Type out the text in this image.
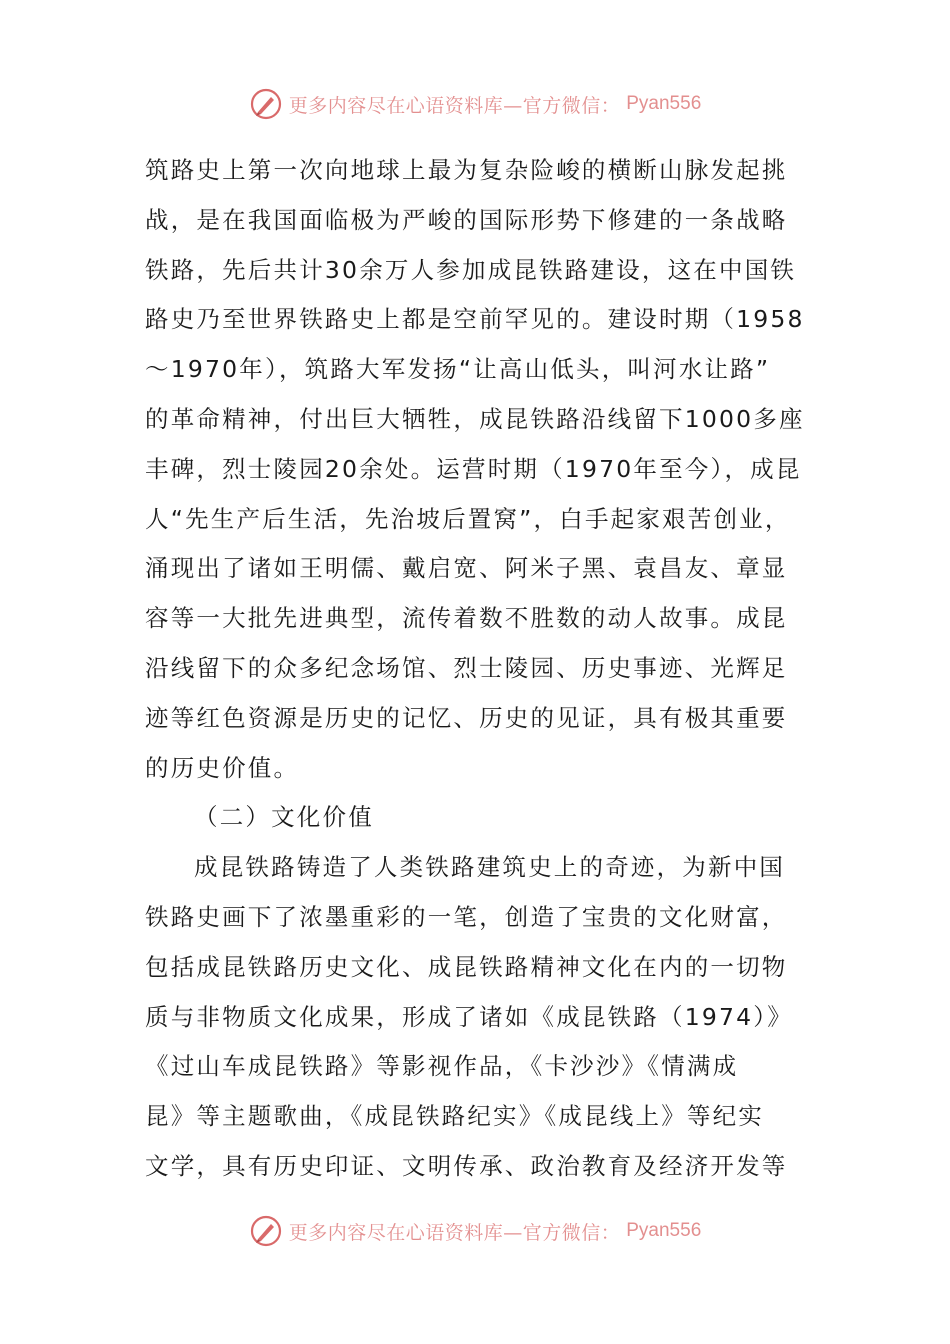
更多内容尽在心语资料库—官方微信： Pyan556
筑路史上第一次向地球上最为复杂险峻的横断山脉发起挑
战，是在我国面临极为严峻的国际形势下修建的一条战略
铁路，先后共计30余万人参加成昆铁路建设，这在中国铁
路史乃至世界铁路史上都是空前罕见的。建设时期（1958
～1970年），筑路大军发扬“让高山低头，叫河水让路”
的革命精神，付出巨大牺牲，成昆铁路沿线留下1000多座
丰碑，烈士陵园20余处。运营时期（1970年至今），成昆
人“先生产后生活，先治坡后置窝”，白手起家艰苦创业，
涌现出了诸如王明儒、戴启宽、阿米子黑、袁昌友、章显
容等一大批先进典型，流传着数不胜数的动人故事。成昆
沿线留下的众多纪念场馆、烈士陵园、历史事迹、光辉足
迹等红色资源是历史的记忆、历史的见证，具有极其重要
的历史价值。
（二）文化价值
成昆铁路铸造了人类铁路建筑史上的奇迹，为新中国
铁路史画下了浓墨重彩的一笔，创造了宝贵的文化财富，
包括成昆铁路历史文化、成昆铁路精神文化在内的一切物
质与非物质文化成果，形成了诸如《成昆铁路（1974）》
《过山车成昆铁路》等影视作品，《卡沙沙》《情满成
昆》等主题歌曲，《成昆铁路纪实》《成昆线上》等纪实
文学，具有历史印证、文明传承、政治教育及经济开发等
更多内容尽在心语资料库—官方微信： Pyan556
